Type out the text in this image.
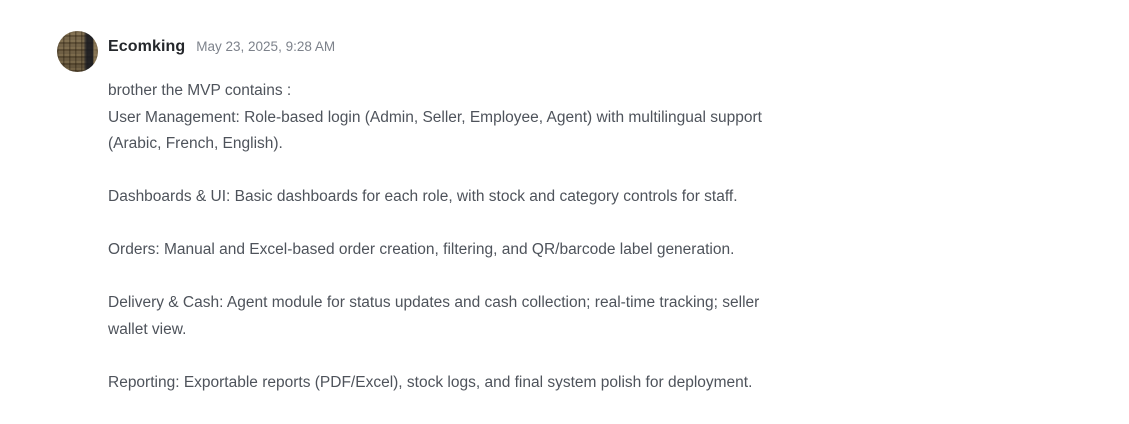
Ecomking May 23, 2025, 9:28 AM
brother the MVP contains :
User Management: Role-based login (Admin, Seller, Employee, Agent) with multilingual support
(Arabic, French, English).
Dashboards & UI: Basic dashboards for each role, with stock and category controls for staff.
Orders: Manual and Excel-based order creation, filtering, and QR/barcode label generation.
Delivery & Cash: Agent module for status updates and cash collection; real-time tracking; seller
wallet view.
Reporting: Exportable reports (PDF/Excel), stock logs, and final system polish for deployment.
